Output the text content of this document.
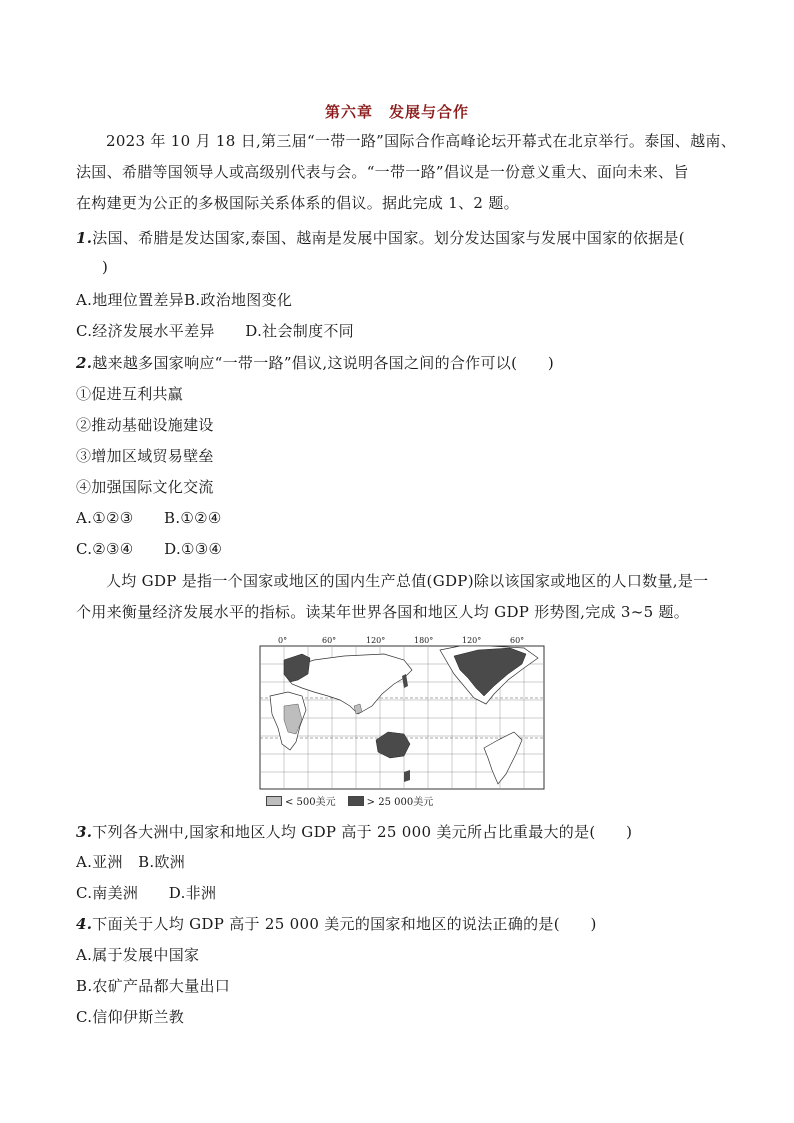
第六章　发展与合作
2023 年 10 月 18 日,第三届“一带一路”国际合作高峰论坛开幕式在北京举行。泰国、越南、
法国、希腊等国领导人或高级别代表与会。“一带一路”倡议是一份意义重大、面向未来、旨
在构建更为公正的多极国际关系体系的倡议。据此完成 1、2 题。
1.法国、希腊是发达国家,泰国、越南是发展中国家。划分发达国家与发展中国家的依据是(
)
A.地理位置差异B.政治地图变化
C.经济发展水平差异　　D.社会制度不同
2.越来越多国家响应“一带一路”倡议,这说明各国之间的合作可以(　　)
①促进互利共赢
②推动基础设施建设
③增加区域贸易壁垒
④加强国际文化交流
A.①②③　　B.①②④
C.②③④　　D.①③④
人均 GDP 是指一个国家或地区的国内生产总值(GDP)除以该国家或地区的人口数量,是一
个用来衡量经济发展水平的指标。读某年世界各国和地区人均 GDP 形势图,完成 3~5 题。
0°	60°	120°	180°	120°	60°
< 500美元	> 25 000美元
3.下列各大洲中,国家和地区人均 GDP 高于 25 000 美元所占比重最大的是(　　)
A.亚洲　B.欧洲
C.南美洲　　D.非洲
4.下面关于人均 GDP 高于 25 000 美元的国家和地区的说法正确的是(　　)
A.属于发展中国家
B.农矿产品都大量出口
C.信仰伊斯兰教
